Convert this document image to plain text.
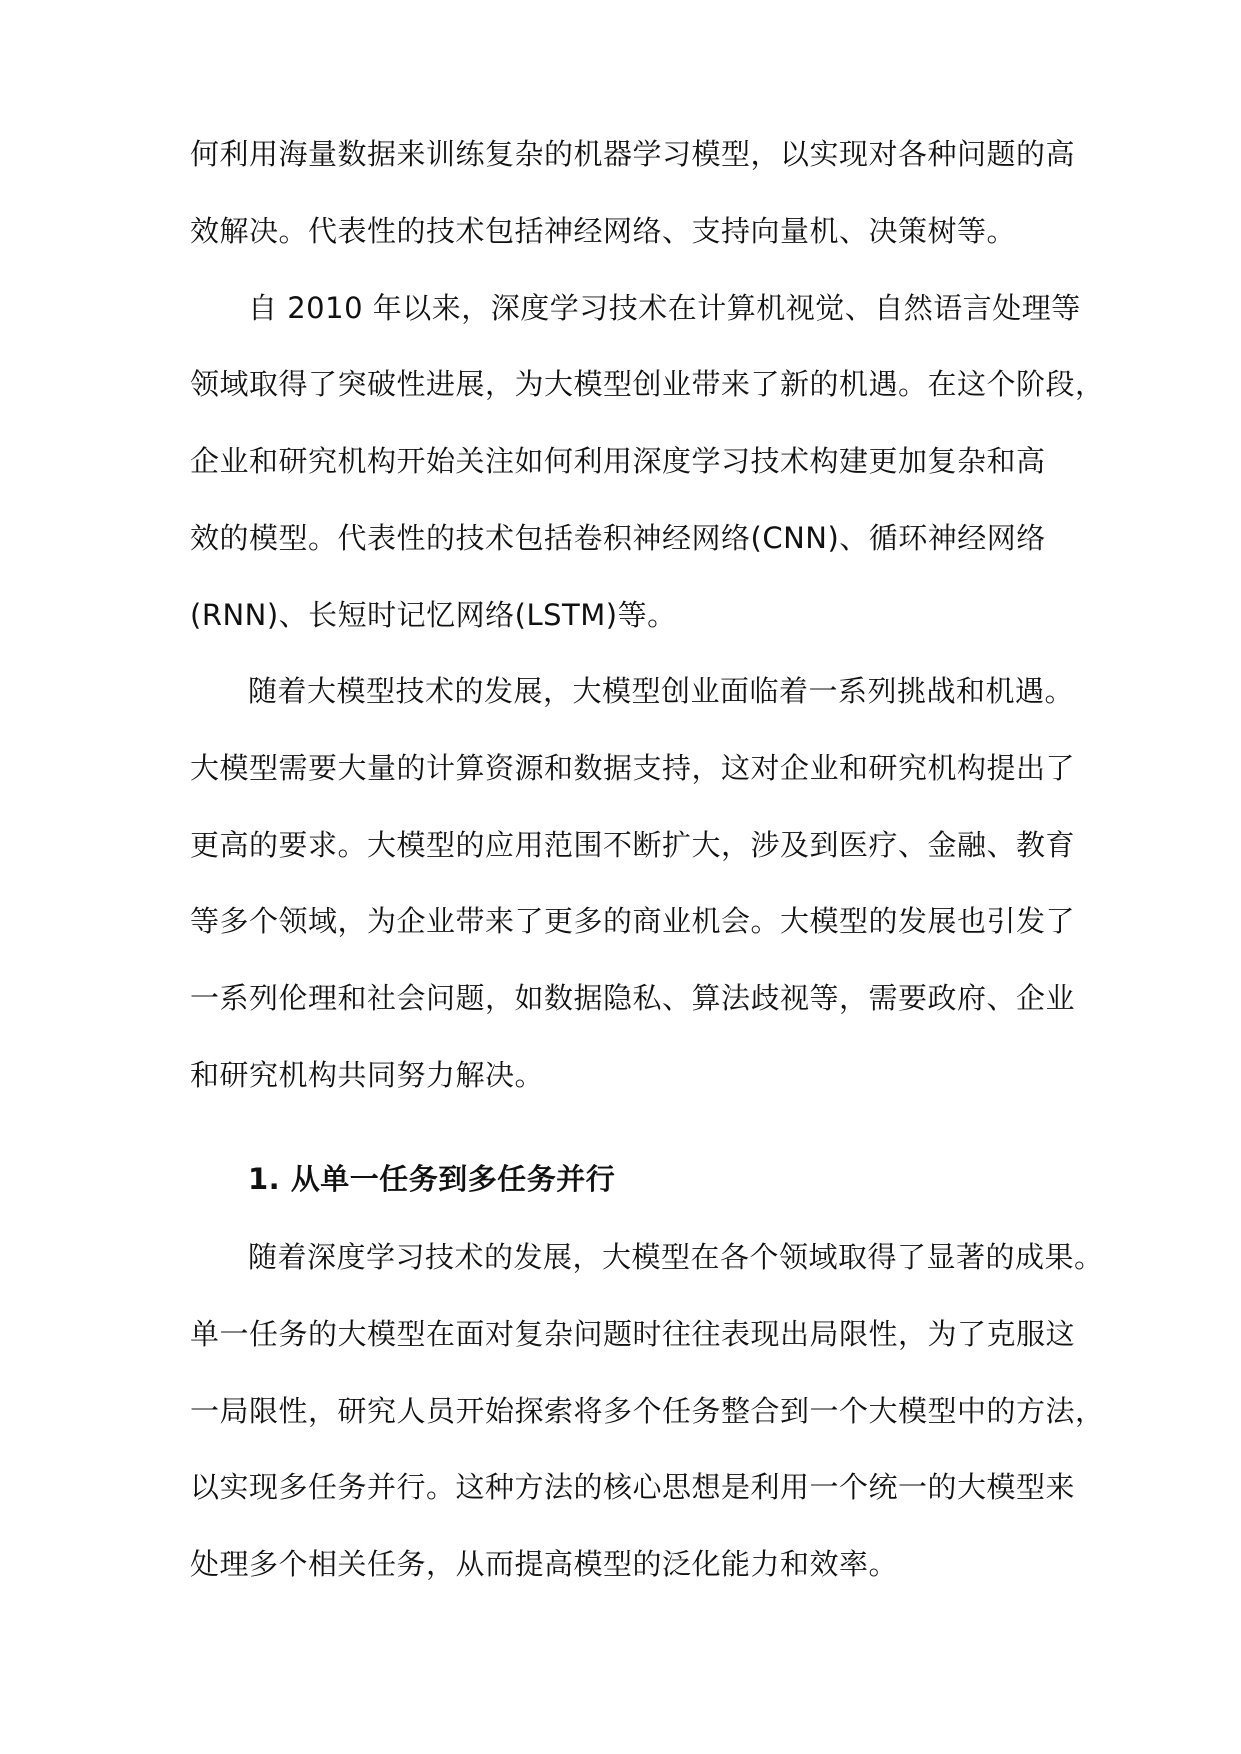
何利用海量数据来训练复杂的机器学习模型，以实现对各种问题的高

效解决。代表性的技术包括神经网络、支持向量机、决策树等。

自 2010 年以来，深度学习技术在计算机视觉、自然语言处理等

领域取得了突破性进展，为大模型创业带来了新的机遇。在这个阶段，

企业和研究机构开始关注如何利用深度学习技术构建更加复杂和高

效的模型。代表性的技术包括卷积神经网络(CNN)、循环神经网络

(RNN)、长短时记忆网络(LSTM)等。

随着大模型技术的发展，大模型创业面临着一系列挑战和机遇。

大模型需要大量的计算资源和数据支持，这对企业和研究机构提出了

更高的要求。大模型的应用范围不断扩大，涉及到医疗、金融、教育

等多个领域，为企业带来了更多的商业机会。大模型的发展也引发了

一系列伦理和社会问题，如数据隐私、算法歧视等，需要政府、企业

和研究机构共同努力解决。

1. 从单一任务到多任务并行

随着深度学习技术的发展，大模型在各个领域取得了显著的成果。

单一任务的大模型在面对复杂问题时往往表现出局限性，为了克服这

一局限性，研究人员开始探索将多个任务整合到一个大模型中的方法，

以实现多任务并行。这种方法的核心思想是利用一个统一的大模型来

处理多个相关任务，从而提高模型的泛化能力和效率。
